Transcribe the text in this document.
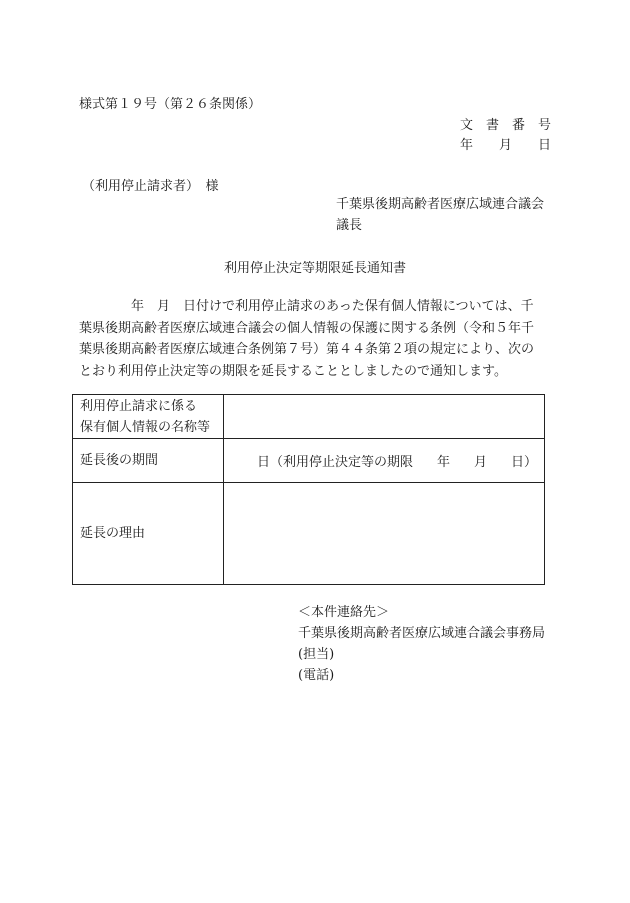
様式第１９号（第２６条関係）
文　書　番　号
年　　月　　日
（利用停止請求者）　様
千葉県後期高齢者医療広域連合議会
議長
利用停止決定等期限延長通知書
年　月　日付けで利用停止請求のあった保有個人情報については、千
葉県後期高齢者医療広域連合議会の個人情報の保護に関する条例（令和５年千
葉県後期高齢者医療広域連合条例第７号）第４４条第２項の規定により、次の
とおり利用停止決定等の期限を延長することとしましたので通知します。
利用停止請求に係る
保有個人情報の名称等	
延長後の期間	日（利用停止決定等の期限 年 月 日）

延長の理由	
＜本件連絡先＞
千葉県後期高齢者医療広域連合議会事務局
(担当)
(電話)
